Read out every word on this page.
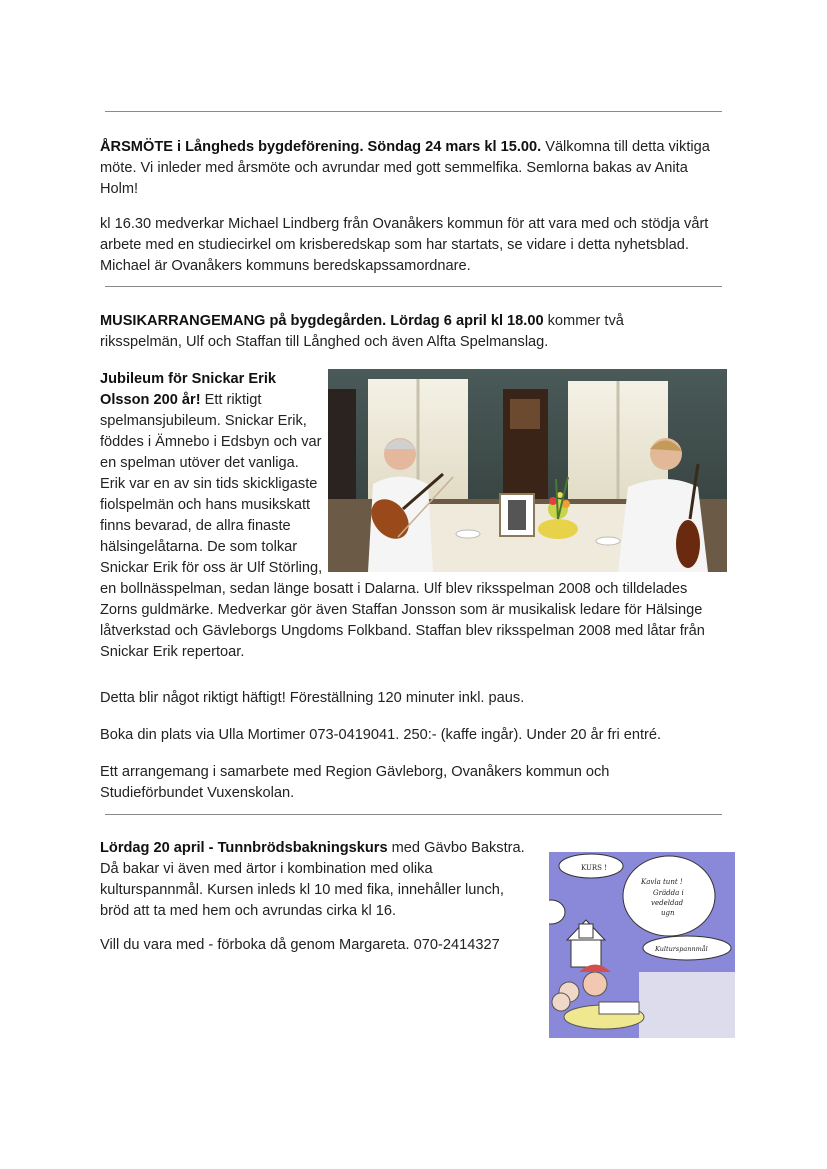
ÅRSMÖTE i Långheds bygdeförening. Söndag 24 mars kl 15.00. Välkomna till detta viktiga möte. Vi inleder med årsmöte och avrundar med gott semmelfika. Semlorna bakas av Anita Holm!

kl 16.30 medverkar Michael Lindberg från Ovanåkers kommun för att vara med och stödja vårt arbete med en studiecirkel om krisberedskap som har startats, se vidare i detta nyhetsblad. Michael är Ovanåkers kommuns beredskapssamordnare.

MUSIKARRANGEMANG på bygdegården. Lördag 6 april kl 18.00 kommer två riksspelmän, Ulf och Staffan till Långhed och även Alfta Spelmanslag.

Jubileum för Snickar Erik Olsson 200 år! Ett riktigt spelmansjubileum. Snickar Erik, föddes i Ämnebo i Edsbyn och var en spelman utöver det vanliga. Erik var en av sin tids skickligaste fiolspelmän och hans musikskatt finns bevarad, de allra finaste hälsingelåtarna. De som tolkar Snickar Erik för oss är Ulf Störling, en bollnässpelman, sedan länge bosatt i Dalarna. Ulf blev riksspelman 2008 och tilldelades Zorns guldmärke. Medverkar gör även Staffan Jonsson som är musikalisk ledare för Hälsinge låtverkstad och Gävleborgs Ungdoms Folkband. Staffan blev riksspelman 2008 med låtar från Snickar Erik repertoar.

Detta blir något riktigt häftigt! Föreställning 120 minuter inkl. paus.

Boka din plats via Ulla Mortimer 073-0419041. 250:- (kaffe ingår). Under 20 år fri entré.

Ett arrangemang i samarbete med Region Gävleborg, Ovanåkers kommun och Studieförbundet Vuxenskolan.

Lördag 20 april - Tunnbrödsbakningskurs med Gävbo Bakstra. Då bakar vi även med ärtor i kombination med olika kulturspannmål. Kursen inleds kl 10 med fika, innehåller lunch, bröd att ta med hem och avrundas cirka kl 16.

Vill du vara med - förboka då genom Margareta. 070-2414327

KURS !
Kavla tunt !
Grädda i
vedeldad
ugn
Kulturspannmål
